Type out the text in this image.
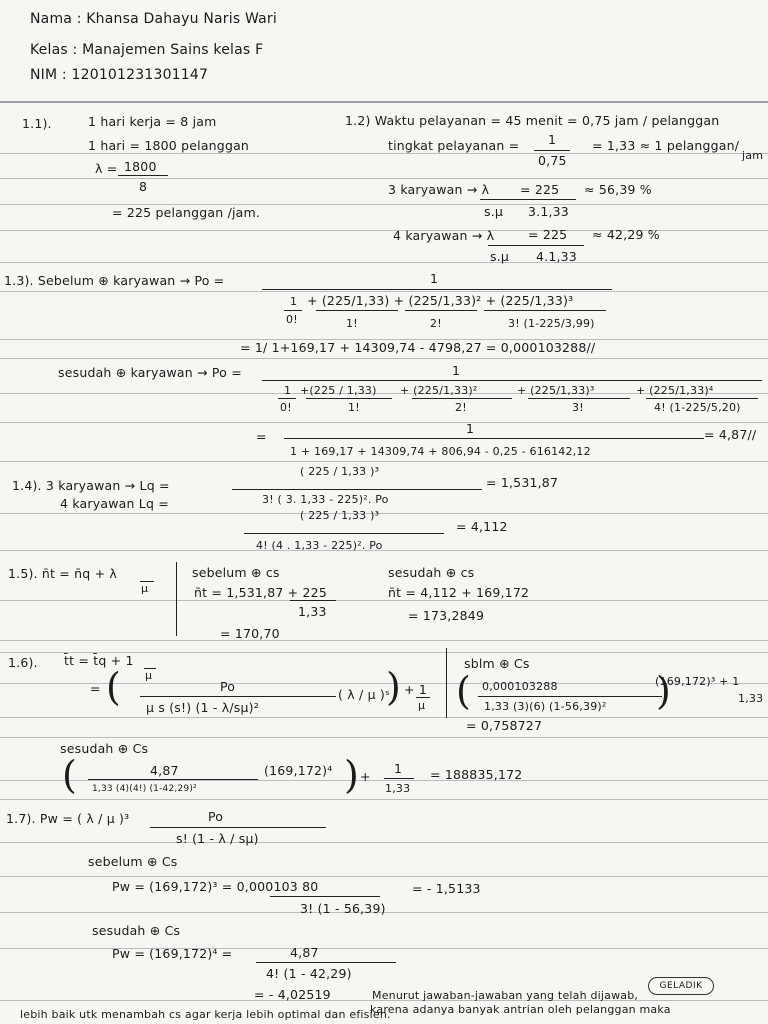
Nama : Khansa Dahayu Naris Wari
Kelas : Manajemen Sains kelas F
NIM : 120101231301147
1.1).	1 hari kerja = 8 jam
1 hari = 1800 pelanggan
λ = 1800
8
= 225 pelanggan /jam.
1.2) Waktu pelayanan = 45 menit = 0,75 jam / pelanggan
tingkat pelayanan = 1
0,75
= 1,33 ≈ 1 pelanggan/
jam
3 karyawan → λ = 225
s.μ 3.1,33
≈ 56,39 %
4 karyawan → λ	= 225
s.μ 4.1,33
≈ 42,29 %
1.3). Sebelum ⊕ karyawan → Po =	1
1
0!
+ (225/1,33) + (225/1,33)² + (225/1,33)³
1!	2!	3! (1-225/3,99)
= 1/ 1+169,17 + 14309,74 - 4798,27 = 0,000103288//
sesudah ⊕ karyawan → Po =	1
1
0!
+(225 / 1,33)
1!
+ (225/1,33)²
2!
+ (225/1,33)³
3!
+ (225/1,33)⁴
4! (1-225/5,20)
=
1
1 + 169,17 + 14309,74 + 806,94 - 0,25 - 616142,12
= 4,87//
1.4). 3 karyawan → Lq =
( 225 / 1,33 )³
= 1,531,87
3! ( 3. 1,33 - 225)². Po
4 karyawan Lq =
( 225 / 1,33 )³
= 4,112
4! (4 . 1,33 - 225)². Po
1.5). n̄t = n̄q + λ
μ
sebelum ⊕ cs
n̄t = 1,531,87 + 225
1,33
= 170,70
sesudah ⊕ cs
n̄t = 4,112 + 169,172
= 173,2849
1.6). t̄t = t̄q + 1
μ
= (	Po
μ s (s!) (1 - λ/sμ)²
( λ / μ )ˢ
) + 1
μ
sblm ⊕ Cs
( 0,000103288
1,33 (3)(6) (1-56,39)² )
(169,172)³ + 1
1,33
= 0,758727
sesudah ⊕ Cs
(	4,87
1,33 (4)(4!) (1-42,29)²
(169,172)⁴ ) +
1
1,33
= 188835,172
1.7). Pw = ( λ / μ )³	Po
s! (1 - λ / sμ)
sebelum ⊕ Cs
Pw = (169,172)³ = 0,000103 80	= - 1,5133
3! (1 - 56,39)
sesudah ⊕ Cs
Pw = (169,172)⁴ =	4,87
4! (1 - 42,29)
= - 4,02519	Menurut jawaban-jawaban yang telah dijawab,
karena adanya banyak antrian oleh pelanggan maka
lebih baik utk menambah cs agar kerja lebih optimal dan efisien.
GELADIK
